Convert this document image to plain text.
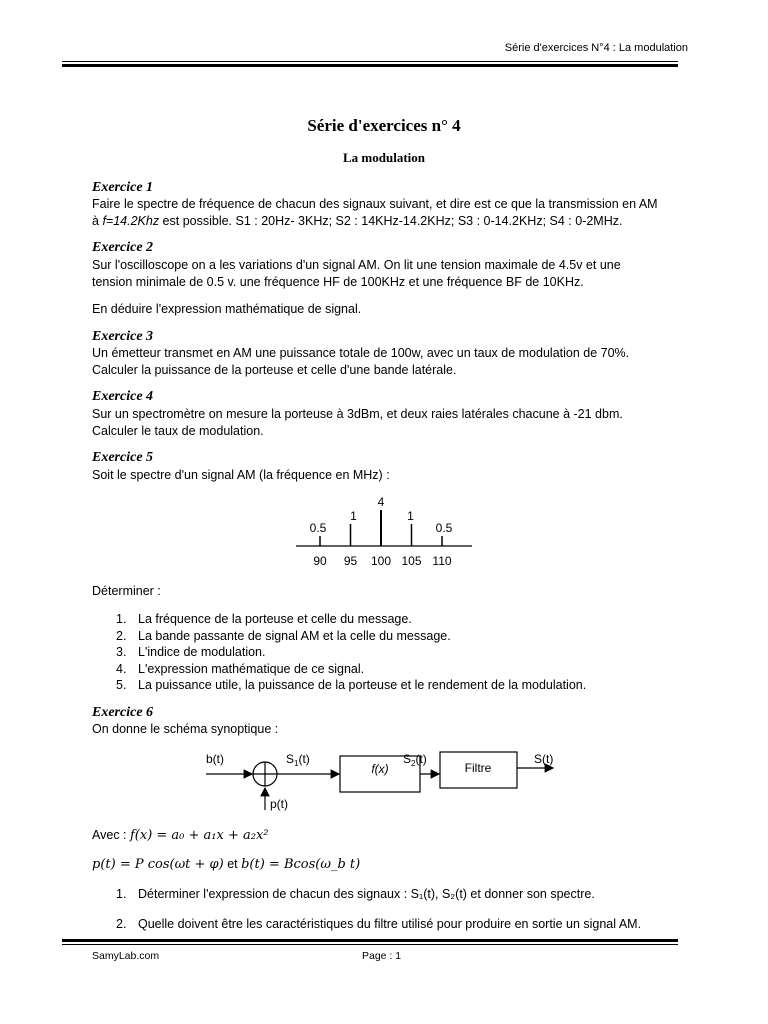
Série d'exercices N°4 : La modulation
Série d'exercices n° 4
La modulation
Exercice 1
Faire le spectre de fréquence de chacun des signaux suivant, et dire est ce que la transmission en AM
à f=14.2Khz est possible. S1 : 20Hz- 3KHz; S2 : 14KHz-14.2KHz; S3 : 0-14.2KHz; S4 : 0-2MHz.
Exercice 2
Sur l'oscilloscope on a les variations d'un signal AM. On lit une tension maximale de 4.5v et une
tension minimale de 0.5 v. une fréquence HF de 100KHz et une fréquence BF de 10KHz.
En déduire l'expression mathématique de signal.
Exercice 3
Un émetteur transmet en AM une puissance totale de 100w, avec un taux de modulation de 70%.
Calculer la puissance de la porteuse et celle d'une bande latérale.
Exercice 4
Sur un spectromètre on mesure la porteuse à 3dBm, et deux raies latérales chacune à -21 dbm.
Calculer le taux de modulation.
Exercice 5
Soit le spectre d'un signal AM (la fréquence en MHz) :
0.5
90
1
95
4
100
1
105
0.5
110
Déterminer :
1. La fréquence de la porteuse et celle du message.
2. La bande passante de signal AM et la celle du message.
3. L'indice de modulation.
4. L'expression mathématique de ce signal.
5. La puissance utile, la puissance de la porteuse et le rendement de la modulation.
Exercice 6
On donne le schéma synoptique :
b(t)
p(t)
$S_1(t)$
f(x)
$S_2(t)$
Filtre
S(t)
Avec : f(x) = a₀ + a₁x + a₂x²
p(t) = P cos(ωt + φ) et b(t) = Bcos(ω_b t)
1. Déterminer l'expression de chacun des signaux : S₁(t), S₂(t) et donner son spectre.
2. Quelle doivent être les caractéristiques du filtre utilisé pour produire en sortie un signal AM.
SamyLab.com	Page : 1
